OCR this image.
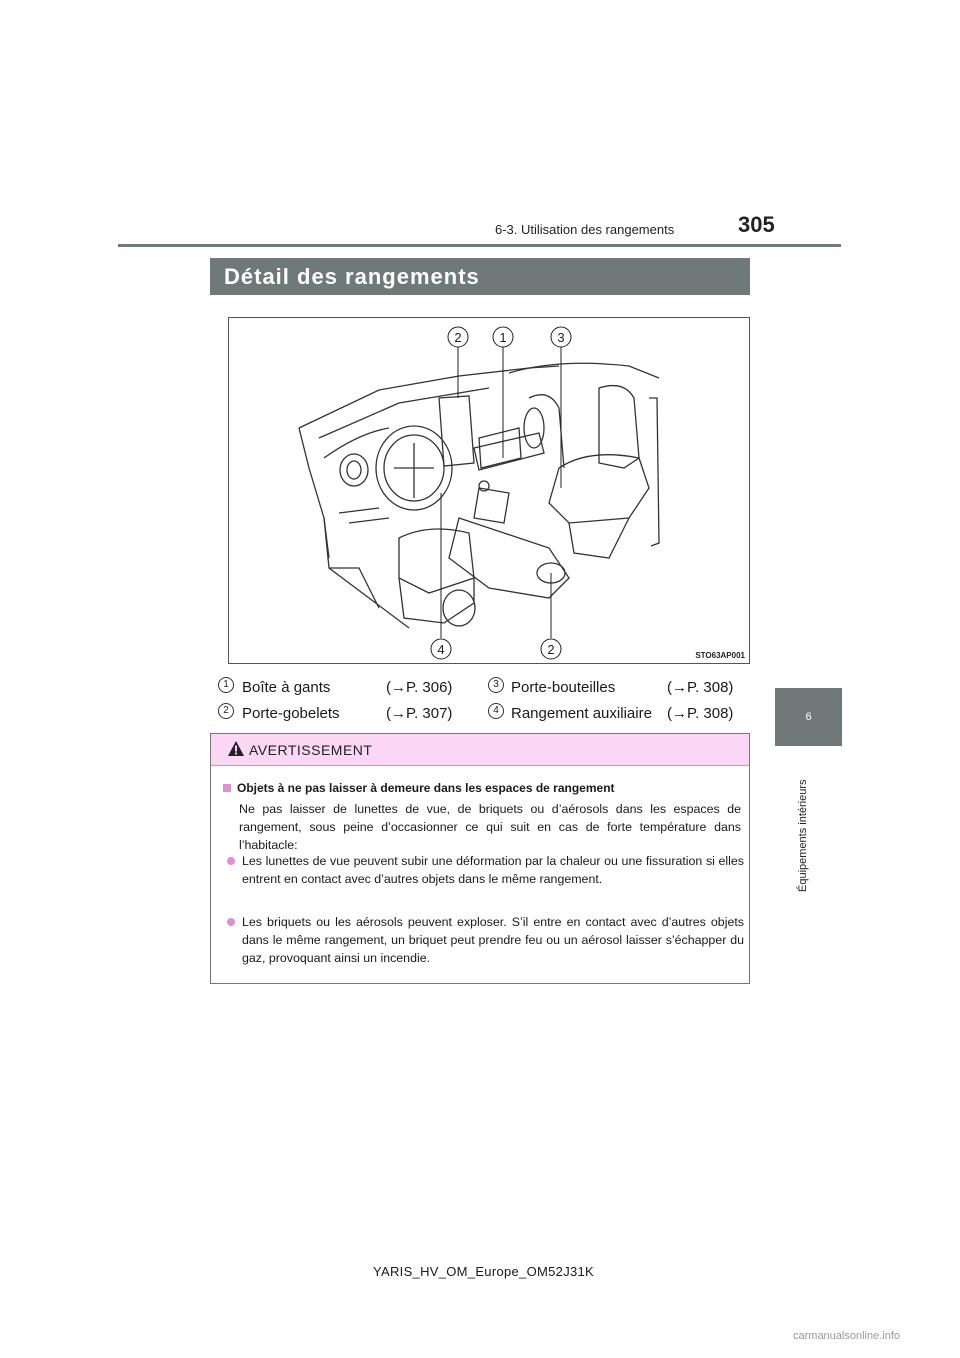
6-3. Utilisation des rangements	305
Détail des rangements
2	1	3
4	2	STO63AP001
1 Boîte à gants	(→P. 306)	3 Porte-bouteilles	(→P. 308)
2 Porte-gobelets	(→P. 307)	4 Rangement auxiliaire (→P. 308)	6
Équipements intérieurs
AVERTISSEMENT
Objets à ne pas laisser à demeure dans les espaces de rangement
Ne pas laisser de lunettes de vue, de briquets ou d’aérosols dans les espaces de rangement, sous peine d’occasionner ce qui suit en cas de forte température dans l’habitacle:
Les lunettes de vue peuvent subir une déformation par la chaleur ou une fissuration si elles entrent en contact avec d’autres objets dans le même rangement.
Les briquets ou les aérosols peuvent exploser. S’il entre en contact avec d’autres objets dans le même rangement, un briquet peut prendre feu ou un aérosol laisser s’échapper du gaz, provoquant ainsi un incendie.
YARIS_HV_OM_Europe_OM52J31K
carmanualsonline.info
